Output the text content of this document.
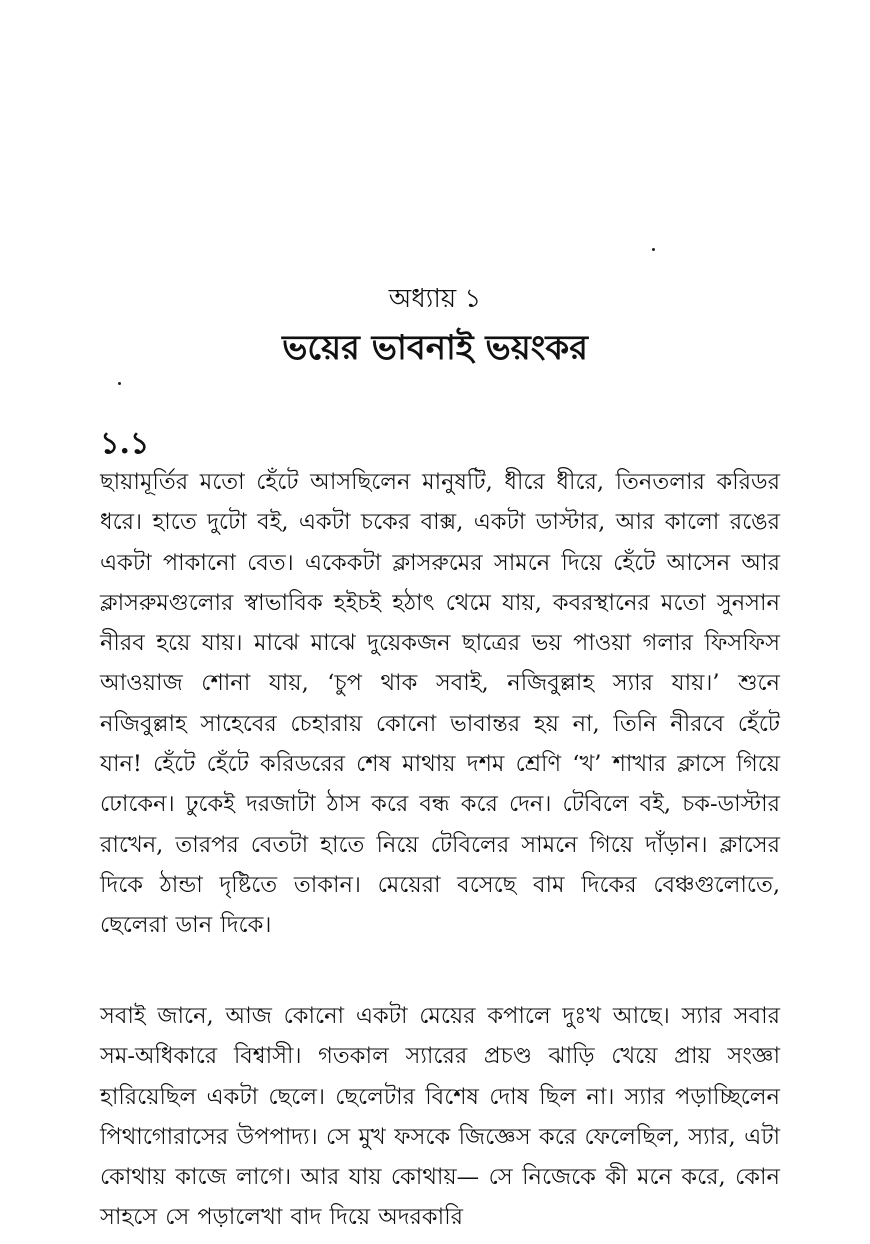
অধ্যায় ১
ভয়ের ভাবনাই ভয়ংকর
১.১

ছায়ামূর্তির মতো হেঁটে আসছিলেন মানুষটি, ধীরে ধীরে, তিনতলার করিডর ধরে। হাতে দুটো বই, একটা চকের বাক্স, একটা ডাস্টার, আর কালো রঙের একটা পাকানো বেত। একেকটা ক্লাসরুমের সামনে দিয়ে হেঁটে আসেন আর ক্লাসরুমগুলোর স্বাভাবিক হইচই হঠাৎ থেমে যায়, কবরস্থানের মতো সুনসান নীরব হয়ে যায়। মাঝে মাঝে দুয়েকজন ছাত্রের ভয় পাওয়া গলার ফিসফিস আওয়াজ শোনা যায়, ‘চুপ থাক সবাই, নজিবুল্লাহ স্যার যায়।’ শুনে নজিবুল্লাহ সাহেবের চেহারায় কোনো ভাবান্তর হয় না, তিনি নীরবে হেঁটে যান! হেঁটে হেঁটে করিডরের শেষ মাথায় দশম শ্রেণি ‘খ’ শাখার ক্লাসে গিয়ে ঢোকেন। ঢুকেই দরজাটা ঠাস করে বন্ধ করে দেন। টেবিলে বই, চক-ডাস্টার রাখেন, তারপর বেতটা হাতে নিয়ে টেবিলের সামনে গিয়ে দাঁড়ান। ক্লাসের দিকে ঠান্ডা দৃষ্টিতে তাকান। মেয়েরা বসেছে বাম দিকের বেঞ্চগুলোতে, ছেলেরা ডান দিকে।

সবাই জানে, আজ কোনো একটা মেয়ের কপালে দুঃখ আছে। স্যার সবার সম-অধিকারে বিশ্বাসী। গতকাল স্যারের প্রচণ্ড ঝাড়ি খেয়ে প্রায় সংজ্ঞা হারিয়েছিল একটা ছেলে। ছেলেটার বিশেষ দোষ ছিল না। স্যার পড়াচ্ছিলেন পিথাগোরাসের উপপাদ্য। সে মুখ ফসকে জিজ্ঞেস করে ফেলেছিল, স্যার, এটা কোথায় কাজে লাগে। আর যায় কোথায়— সে নিজেকে কী মনে করে, কোন সাহসে সে পড়ালেখা বাদ দিয়ে অদরকারি
